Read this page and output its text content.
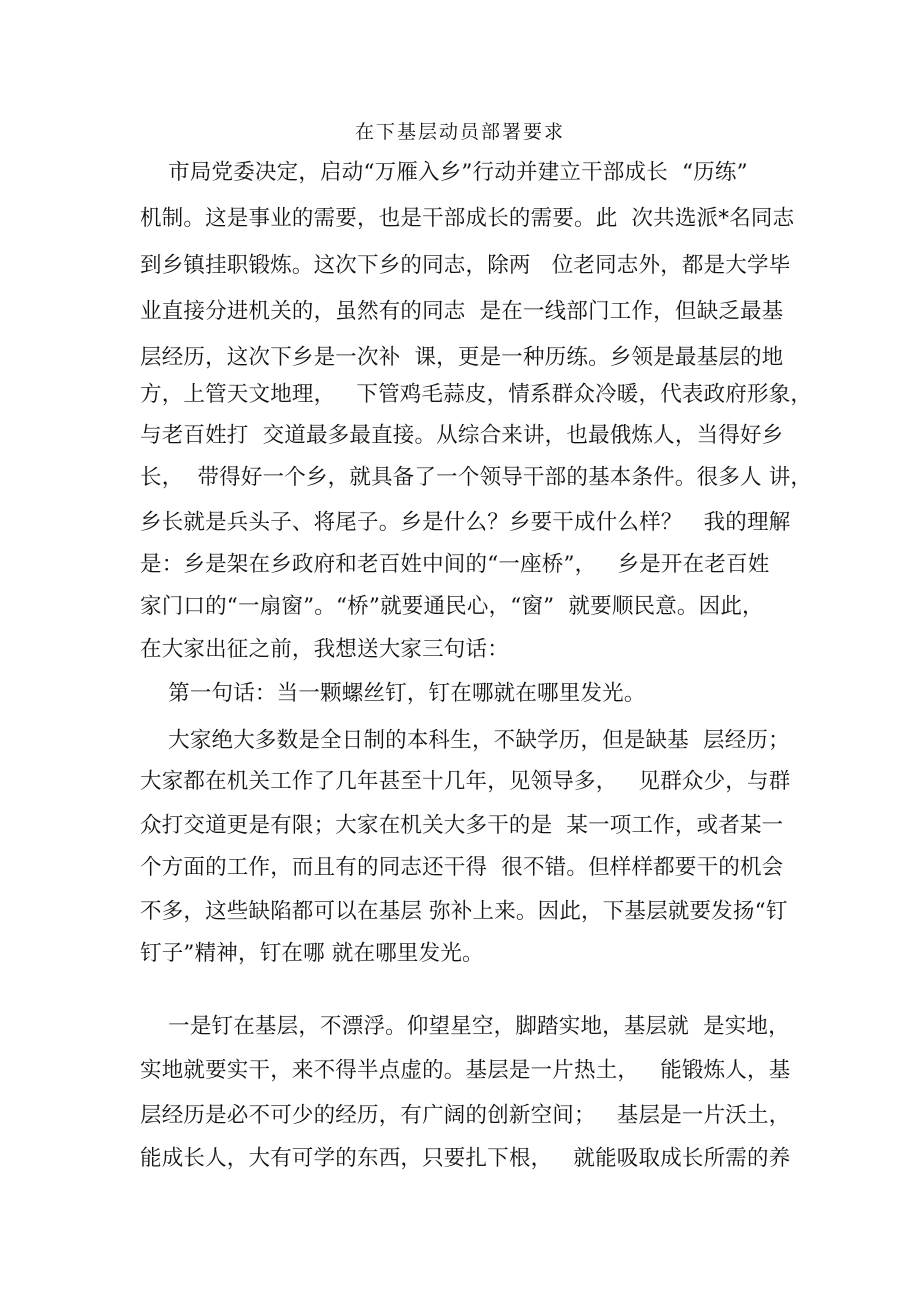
在下基层动员部署要求
市局党委决定，启动“万雁入乡”行动并建立干部成长  “历练”
机制。这是事业的需要，也是干部成长的需要。此  次共选派*名同志
到乡镇挂职锻炼。这次下乡的同志，除两   位老同志外，都是大学毕
业直接分进机关的，虽然有的同志  是在一线部门工作，但缺乏最基
层经历，这次下乡是一次补  课，更是一种历练。乡领是最基层的地
方，上管天文地理，   下管鸡毛蒜皮，情系群众冷暖，代表政府形象，
与老百姓打  交道最多最直接。从综合来讲，也最俄炼人，当得好乡
长，  带得好一个乡，就具备了一个领导干部的基本条件。很多人 讲，
乡长就是兵头子、将尾子。乡是什么？乡要干成什么样？   我的理解
是：乡是架在乡政府和老百姓中间的“一座桥”，   乡是开在老百姓
家门口的“一扇窗”。“桥”就要通民心，“窗”  就要顺民意。因此，
在大家出征之前，我想送大家三句话：
第一句话：当一颗螺丝钉，钉在哪就在哪里发光。
大家绝大多数是全日制的本科生，不缺学历，但是缺基  层经历；
大家都在机关工作了几年甚至十几年，见领导多，   见群众少，与群
众打交道更是有限；大家在机关大多干的是  某一项工作，或者某一
个方面的工作，而且有的同志还干得  很不错。但样样都要干的机会
不多，这些缺陷都可以在基层 弥补上来。因此，下基层就要发扬“钉
钉子”精神，钉在哪 就在哪里发光。
一是钉在基层，不漂浮。仰望星空，脚踏实地，基层就  是实地，
实地就要实干，来不得半点虚的。基层是一片热土，   能锻炼人，基
层经历是必不可少的经历，有广阔的创新空间；   基层是一片沃土，
能成长人，大有可学的东西，只要扎下根，   就能吸取成长所需的养
